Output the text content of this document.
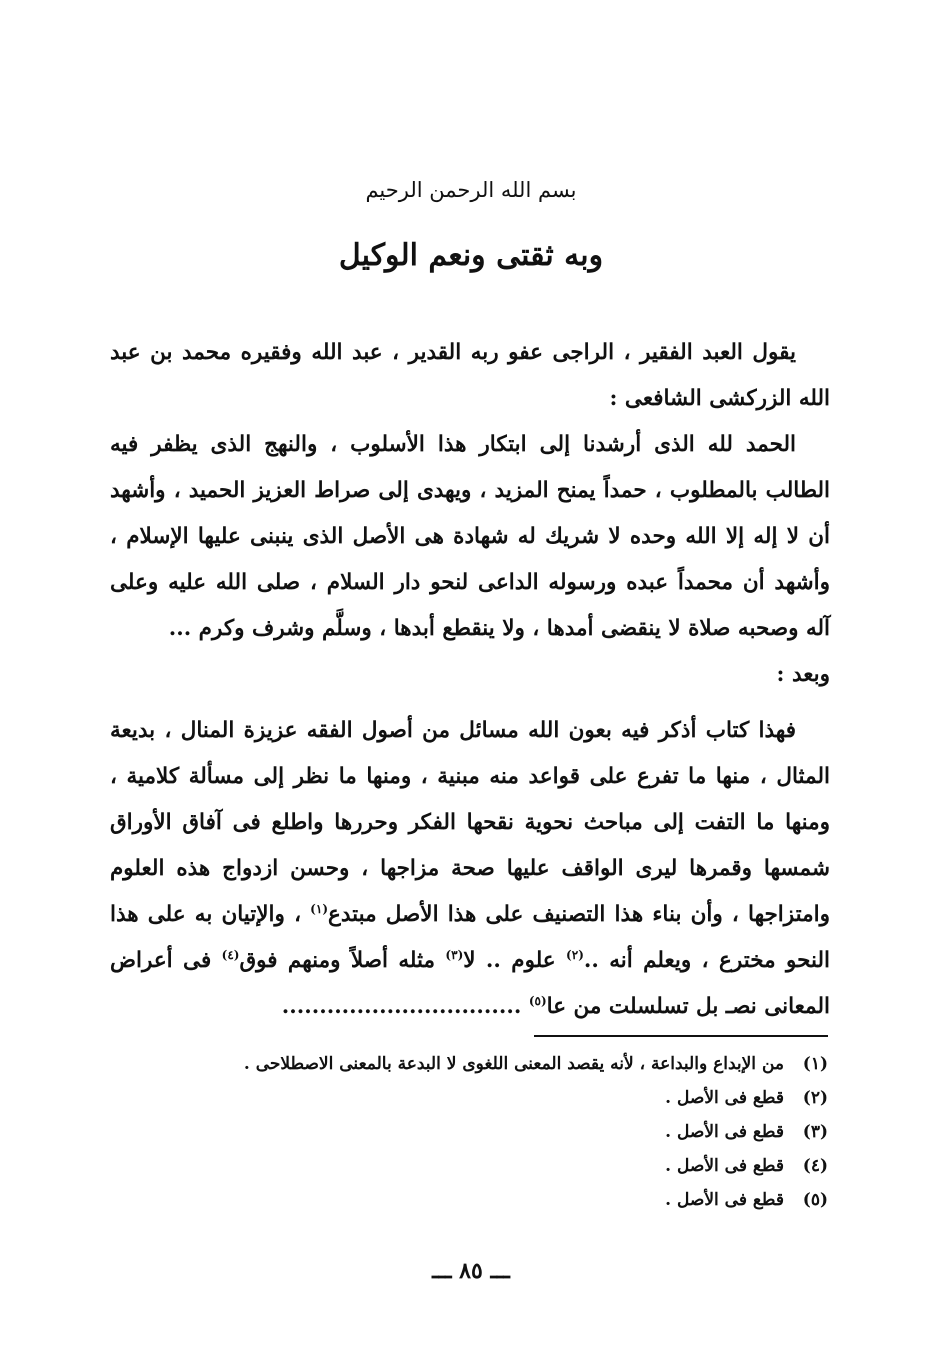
بسم الله الرحمن الرحيم
وبه ثقتى ونعم الوكيل

يقول العبد الفقير ، الراجى عفو ربه القدير ، عبد الله وفقيره محمد بن عبد الله الزركشى الشافعى :

الحمد لله الذى أرشدنا إلى ابتكار هذا الأسلوب ، والنهج الذى يظفر فيه الطالب بالمطلوب ، حمداً يمنح المزيد ، ويهدى إلى صراط العزيز الحميد ، وأشهد أن لا إله إلا الله وحده لا شريك له شهادة هى الأصل الذى ينبنى عليها الإسلام ، وأشهد أن محمداً عبده ورسوله الداعى لنحو دار السلام ، صلى الله عليه وعلى آله وصحبه صلاة لا ينقضى أمدها ، ولا ينقطع أبدها ، وسلَّم وشرف وكرم ...

وبعد :

فهذا كتاب أذكر فيه بعون الله مسائل من أصول الفقه عزيزة المنال ، بديعة المثال ، منها ما تفرع على قواعد منه مبنية ، ومنها ما نظر إلى مسألة كلامية ، ومنها ما التفت إلى مباحث نحوية نقحها الفكر وحررها واطلع فى آفاق الأوراق شمسها وقمرها ليرى الواقف عليها صحة مزاجها ، وحسن ازدواج هذه العلوم وامتزاجها ، وأن بناء هذا التصنيف على هذا الأصل مبتدع$^{(١)}$ ، والإتيان به على هذا النحو مخترع ، ويعلم أنه ..$^{(٢)}$ علوم .. لا$^{(٣)}$ مثله أصلاً ومنهم فوق$^{(٤)}$ فى أعراض المعانى نصـ بل تسلسلت من عا$^{(٥)}$ ................................

(١)
من الإبداع والبداعة ، لأنه يقصد المعنى اللغوى لا البدعة بالمعنى الاصطلاحى .
(٢)
قطع فى الأصل .
(٣)
قطع فى الأصل .
(٤)
قطع فى الأصل .
(٥)
قطع فى الأصل .
ـــ ٨٥ ـــ
